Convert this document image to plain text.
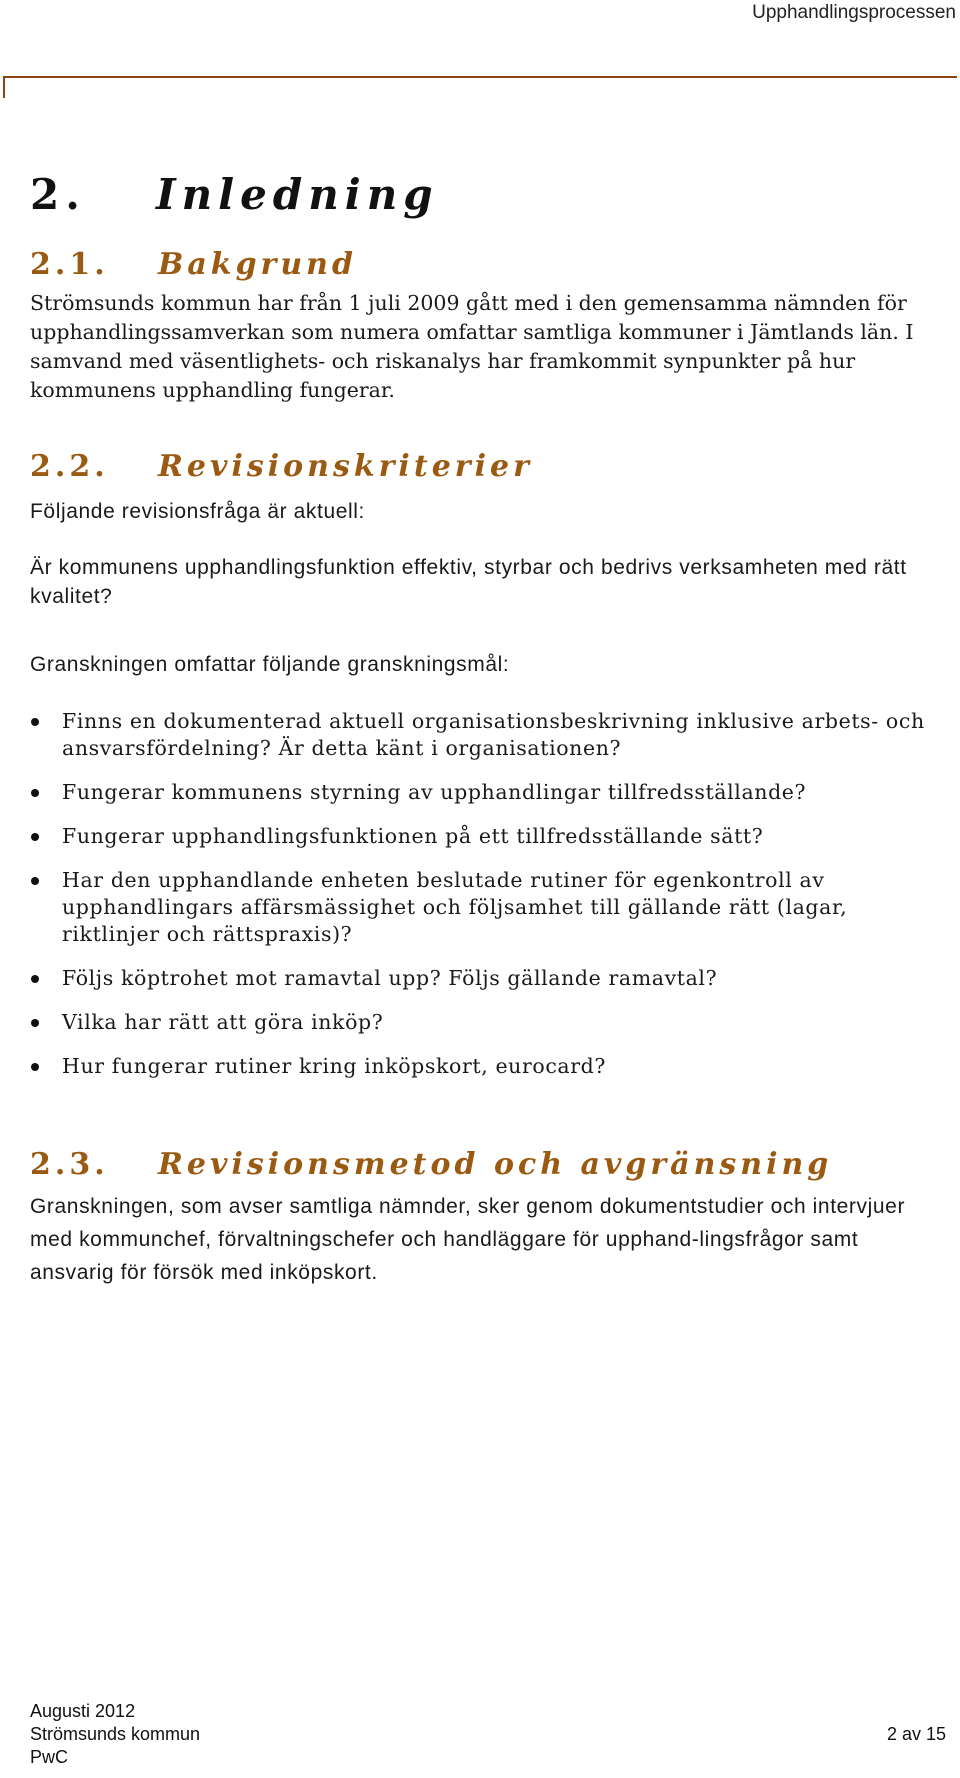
Upphandlingsprocessen
2. Inledning
2.1. Bakgrund

Strömsunds kommun har från 1 juli 2009 gått med i den gemensamma nämnden för upphandlingssamverkan som numera omfattar samtliga kommuner i Jämtlands län. I samvand med väsentlighets- och riskanalys har framkommit synpunkter på hur kommunens upphandling fungerar.

2.2. Revisionskriterier

Följande revisionsfråga är aktuell:

Är kommunens upphandlingsfunktion effektiv, styrbar och bedrivs verksamheten med rätt kvalitet?

Granskningen omfattar följande granskningsmål:

Finns en dokumenterad aktuell organisationsbeskrivning inklusive arbets- och ansvarsfördelning? Är detta känt i organisationen?
Fungerar kommunens styrning av upphandlingar tillfredsställande?
Fungerar upphandlingsfunktionen på ett tillfredsställande sätt?
Har den upphandlande enheten beslutade rutiner för egenkontroll av upphandlingars affärsmässighet och följsamhet till gällande rätt (lagar, riktlinjer och rättspraxis)?
Följs köptrohet mot ramavtal upp? Följs gällande ramavtal?
Vilka har rätt att göra inköp?
Hur fungerar rutiner kring inköpskort, eurocard?
2.3. Revisionsmetod och avgränsning

Granskningen, som avser samtliga nämnder, sker genom dokumentstudier och intervjuer med kommunchef, förvaltningschefer och handläggare för upphand-lingsfrågor samt ansvarig för försök med inköpskort.

Augusti 2012
Strömsunds kommun	2 av 15
PwC
